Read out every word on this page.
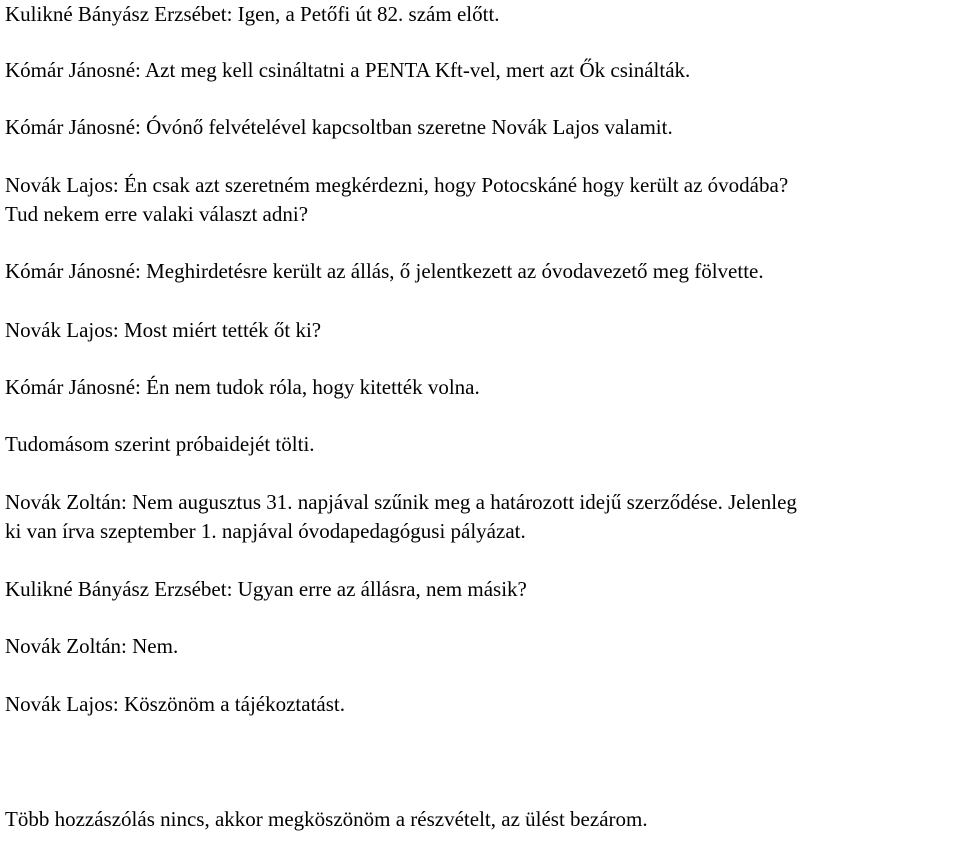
Kulikné Bányász Erzsébet: Igen, a Petőfi út 82. szám előtt.

Kómár Jánosné: Azt meg kell csináltatni a PENTA Kft-vel, mert azt Ők csinálták.

Kómár Jánosné: Óvónő felvételével kapcsoltban szeretne Novák Lajos valamit.

Novák Lajos: Én csak azt szeretném megkérdezni, hogy Potocskáné hogy került az óvodába?
Tud nekem erre valaki választ adni?

Kómár Jánosné: Meghirdetésre került az állás, ő jelentkezett az óvodavezető meg fölvette.

Novák Lajos: Most miért tették őt ki?

Kómár Jánosné: Én nem tudok róla, hogy kitették volna.

Tudomásom szerint próbaidejét tölti.

Novák Zoltán: Nem augusztus 31. napjával szűnik meg a határozott idejű szerződése. Jelenleg
ki van írva szeptember 1. napjával óvodapedagógusi pályázat.

Kulikné Bányász Erzsébet: Ugyan erre az állásra, nem másik?

Novák Zoltán: Nem.

Novák Lajos: Köszönöm a tájékoztatást.

Több hozzászólás nincs, akkor megköszönöm a részvételt, az ülést bezárom.
